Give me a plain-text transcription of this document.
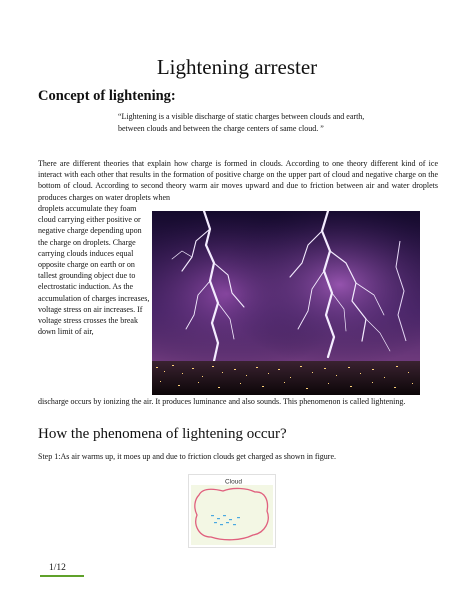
Lightening arrester
Concept of lightening:
“Lightening is a visible discharge of static charges between clouds and earth, between clouds and between the charge centers of same cloud. ”
There are different theories that explain how charge is formed in clouds. According to one theory different kind of ice interact with each other that results in the formation of positive charge on the upper part of cloud and negative charge on the bottom of cloud. According to second theory warm air moves upward and due to friction between air and water droplets produces charges on water droplets when
droplets accumulate they foam cloud carrying either positive or negative charge depending upon the charge on droplets. Charge carrying clouds induces equal opposite charge on earth or on tallest grounding object due to electrostatic induction. As the accumulation of charges increases, voltage stress on air increases. If voltage stress crosses the break down limit of air,
discharge occurs by ionizing the air. It produces luminance and also sounds. This phenomenon is called lightening.
How the phenomena of lightening occur?
Step 1:As air warms up, it moes up and due to friction clouds get charged as shown in figure.
Cloud
1/12
